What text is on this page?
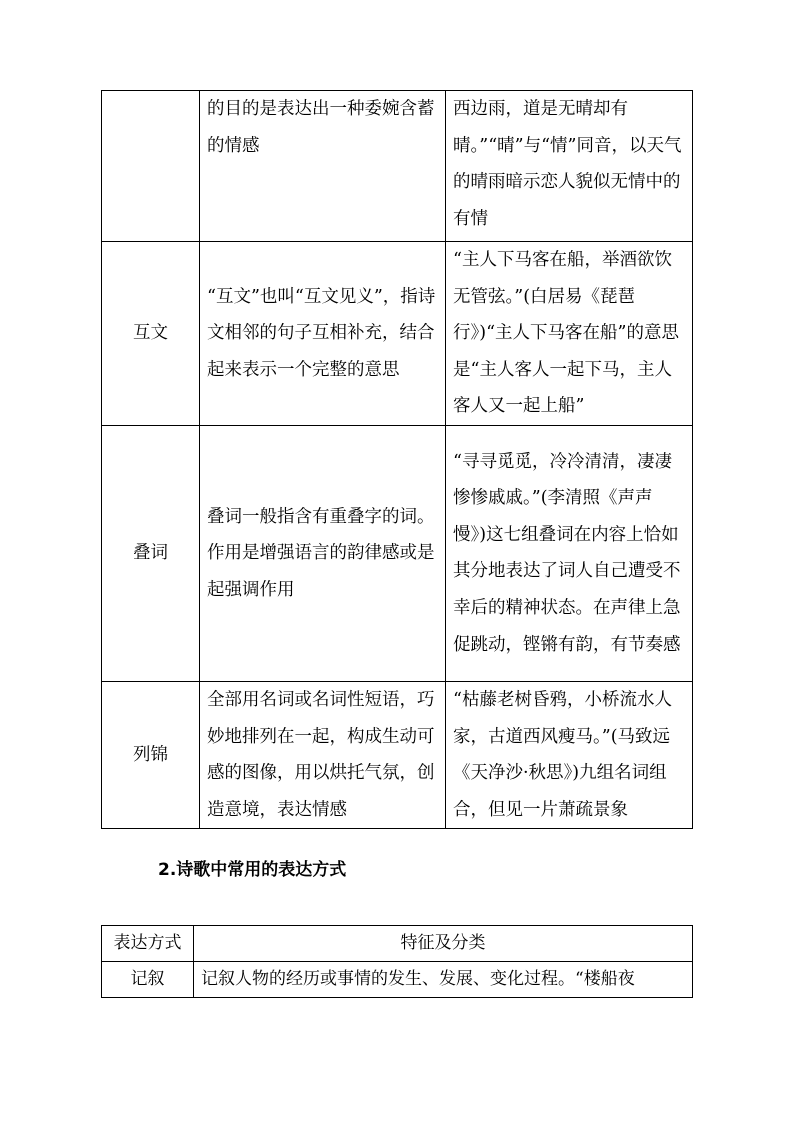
	的目的是表达出一种委婉含蓄的情感	西边雨，道是无晴却有晴。”“晴”与“情”同音，以天气的晴雨暗示恋人貌似无情中的有情
互文	“互文”也叫“互文见义”，指诗文相邻的句子互相补充，结合起来表示一个完整的意思	“主人下马客在船，举酒欲饮无管弦。”(白居易《琵琶行》)“主人下马客在船”的意思是“主人客人一起下马，主人客人又一起上船”
叠词	叠词一般指含有重叠字的词。作用是增强语言的韵律感或是起强调作用	“寻寻觅觅，冷冷清清，凄凄惨惨戚戚。”(李清照《声声慢》)这七组叠词在内容上恰如其分地表达了词人自己遭受不幸后的精神状态。在声律上急促跳动，铿锵有韵，有节奏感
列锦	全部用名词或名词性短语，巧妙地排列在一起，构成生动可感的图像，用以烘托气氛，创造意境，表达情感	“枯藤老树昏鸦，小桥流水人家，古道西风瘦马。”(马致远《天净沙·秋思》)九组名词组合，但见一片萧疏景象
2.诗歌中常用的表达方式
表达方式	特征及分类
记叙	记叙人物的经历或事情的发生、发展、变化过程。“楼船夜
